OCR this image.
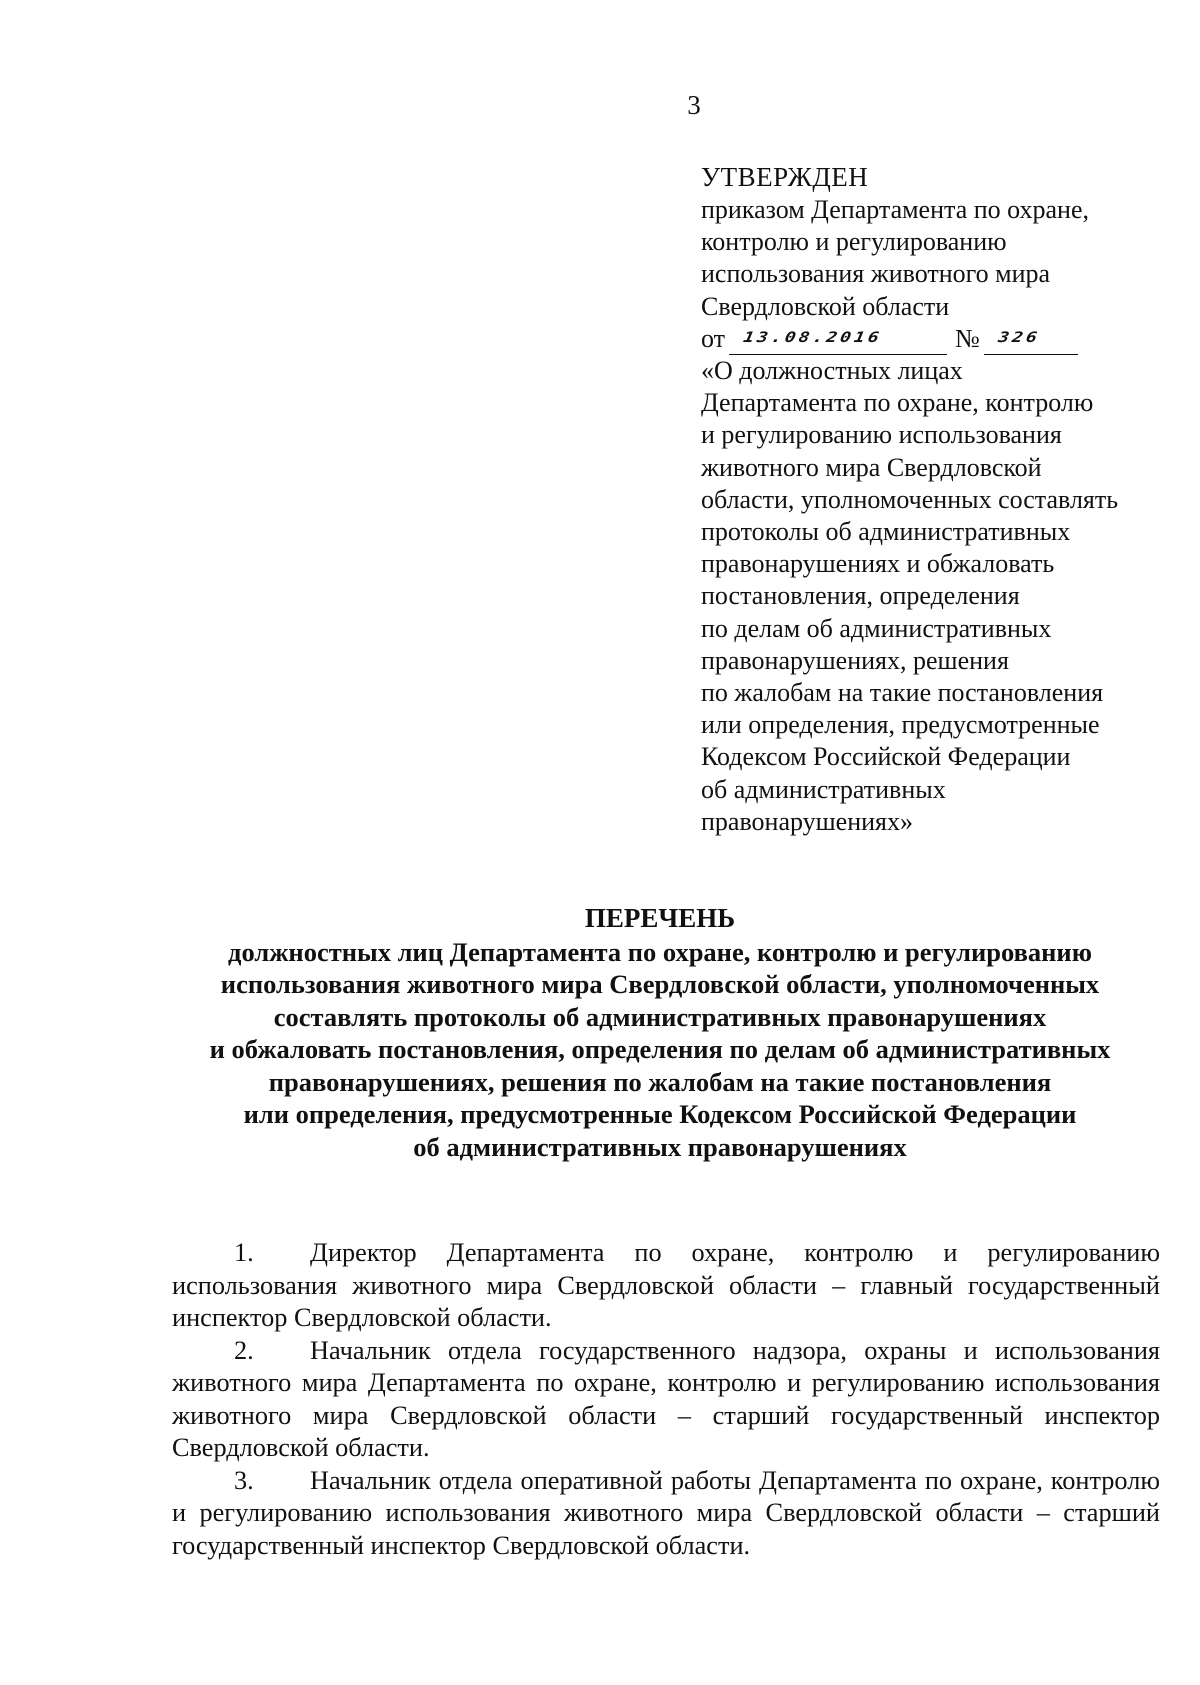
3
УТВЕРЖДЕН
приказом Департамента по охране,
контролю и регулированию
использования животного мира
Свердловской области
от 13.08.2016	№ 326
«О должностных лицах
Департамента по охране, контролю
и регулированию использования
животного мира Свердловской
области, уполномоченных составлять
протоколы об административных
правонарушениях и обжаловать
постановления, определения
по делам об административных
правонарушениях, решения
по жалобам на такие постановления
или определения, предусмотренные
Кодексом Российской Федерации
об административных
правонарушениях»
ПЕРЕЧЕНЬ
должностных лиц Департамента по охране, контролю и регулированию
использования животного мира Свердловской области, уполномоченных
составлять протоколы об административных правонарушениях
и обжаловать постановления, определения по делам об административных
правонарушениях, решения по жалобам на такие постановления
или определения, предусмотренные Кодексом Российской Федерации
об административных правонарушениях

1. Директор Департамента по охране, контролю и регулированию использования животного мира Свердловской области – главный государственный инспектор Свердловской области.

2. Начальник отдела государственного надзора, охраны и использования животного мира Департамента по охране, контролю и регулированию использования животного мира Свердловской области – старший государственный инспектор Свердловской области.

3. Начальник отдела оперативной работы Департамента по охране, контролю и регулированию использования животного мира Свердловской области – старший государственный инспектор Свердловской области.
